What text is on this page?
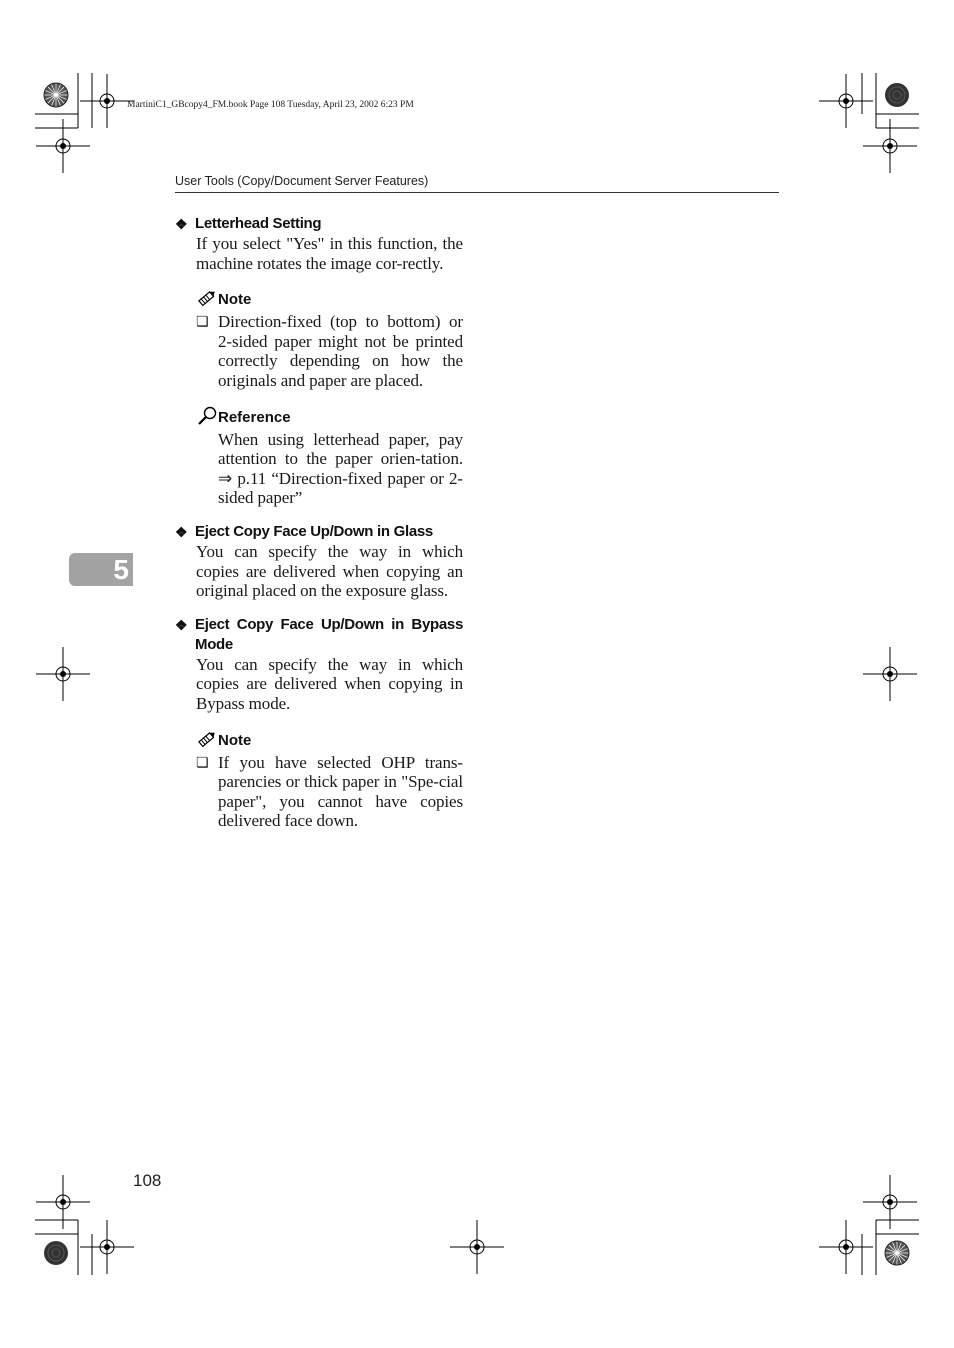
MartiniC1_GBcopy4_FM.book Page 108 Tuesday, April 23, 2002 6:23 PM
User Tools (Copy/Document Server Features)
5
❖ Letterhead Setting
If you select "Yes" in this function, the machine rotates the image cor-rectly.
Note
❏ Direction-fixed (top to bottom) or 2-sided paper might not be printed correctly depending on how the originals and paper are placed.
Reference
When using letterhead paper, pay attention to the paper orien-tation. ⇒ p.11 “Direction-fixed paper or 2-sided paper”
❖ Eject Copy Face Up/Down in Glass
You can specify the way in which copies are delivered when copying an original placed on the exposure glass.
❖ Eject Copy Face Up/Down in Bypass Mode
You can specify the way in which copies are delivered when copying in Bypass mode.
Note
❏ If you have selected OHP trans-parencies or thick paper in "Spe-cial paper", you cannot have copies delivered face down.
108
